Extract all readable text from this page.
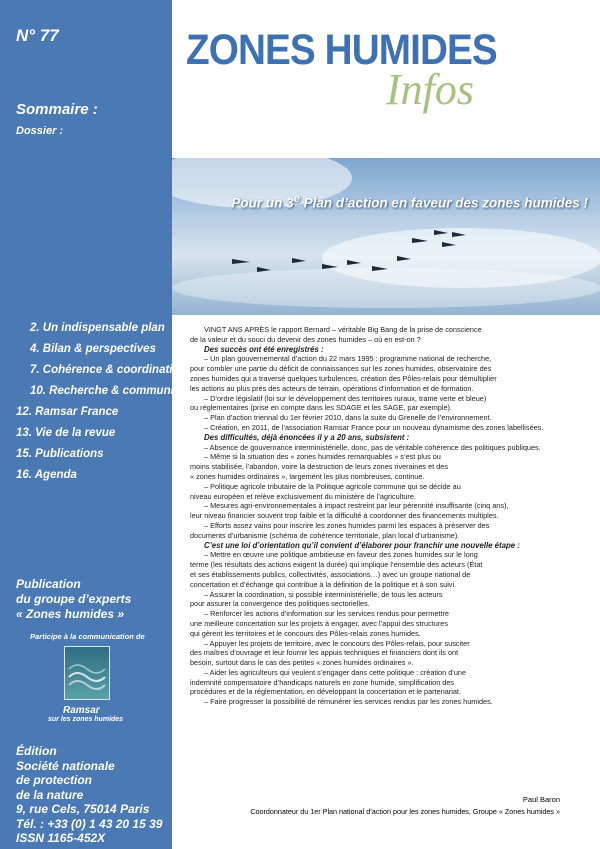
N° 77
Sommaire :
Dossier :
2. Un indispensable plan
4. Bilan & perspectives
7. Cohérence & coordination
10. Recherche & communication
12. Ramsar France
13. Vie de la revue
15. Publications
16. Agenda
Publication
du groupe d’experts
« Zones humides »
Participe à la communication de
Ramsar
sur les zones humides
Édition
Société nationale
de protection
de la nature
9, rue Cels, 75014 Paris
Tél. : +33 (0) 1 43 20 15 39
ISSN 1165-452X
ZONES HUMIDES
Infos
Pour un 3e Plan d’action en faveur des zones humides !

VINGT ANS APRÈS le rapport Bernard – véritable Big Bang de la prise de conscience

de la valeur et du souci du devenir des zones humides – où en est-on ?

Des succès ont été enregistrés :

– Un plan gouvernemental d’action du 22 mars 1995 : programme national de recherche,

pour combler une partie du déficit de connaissances sur les zones humides, observatoire des

zones humides qui a traversé quelques turbulences, création des Pôles-relais pour démultiplier

les actions au plus près des acteurs de terrain, opérations d’information et de formation.

– D’ordre législatif (loi sur le développement des territoires ruraux, trame verte et bleue)

ou réglementaires (prise en compte dans les SDAGE et les SAGE, par exemple).

– Plan d’action triennal du 1er février 2010, dans la suite du Grenelle de l’environnement.

– Création, en 2011, de l’association Ramsar France pour un nouveau dynamisme des zones labellisées.

Des difficultés, déjà énoncées il y a 20 ans, subsistent :

– Absence de gouvernance interministérielle, donc, pas de véritable cohérence des politiques publiques.

– Même si la situation des « zones humides remarquables » s’est plus ou

moins stabilisée, l’abandon, voire la destruction de leurs zones riveraines et des

« zones humides ordinaires », largement les plus nombreuses, continue.

– Politique agricole tributaire de la Politique agricole commune qui se décide au

niveau européen et relève exclusivement du ministère de l’agriculture.

– Mesures agri-environnementales à impact restreint par leur pérennité insuffisante (cinq ans),

leur niveau financier souvent trop faible et la difficulté à coordonner des financements multiples.

– Efforts assez vains pour inscrire les zones humides parmi les espaces à préserver des

documents d’urbanisme (schéma de cohérence territoriale, plan local d’urbanisme).

C’est une loi d’orientation qu’il convient d’élaborer pour franchir une nouvelle étape :

– Mettre en œuvre une politique ambitieuse en faveur des zones humides sur le long

terme (les résultats des actions exigent la durée) qui implique l’ensemble des acteurs (État

et ses établissements publics, collectivités, associations…) avec un groupe national de

concertation et d’échange qui contribue à la définition de la politique et à son suivi.

– Assurer la coordination, si possible interministérielle, de tous les acteurs

pour assurer la convergence des politiques sectorielles.

– Renforcer les actions d’information sur les services rendus pour permettre

une meilleure concertation sur les projets à engager, avec l’appui des structures

qui gèrent les territoires et le concours des Pôles-relais zones humides.

– Appuyer les projets de territoire, avec le concours des Pôles-relais, pour susciter

des maîtres d’ouvrage et leur fournir les appuis techniques et financiers dont ils ont

besoin, surtout dans le cas des petites « zones humides ordinaires ».

– Aider les agriculteurs qui veulent s’engager dans cette politique : création d’une

indemnité compensatoire d’handicaps naturels en zone humide, simplification des

procédures et de la réglementation, en développant la concertation et le partenariat.

– Faire progresser la possibilité de rémunérer les services rendus par les zones humides.

Paul Baron
Coordonnateur du 1er Plan national d’action pour les zones humides, Groupe « Zones humides »
